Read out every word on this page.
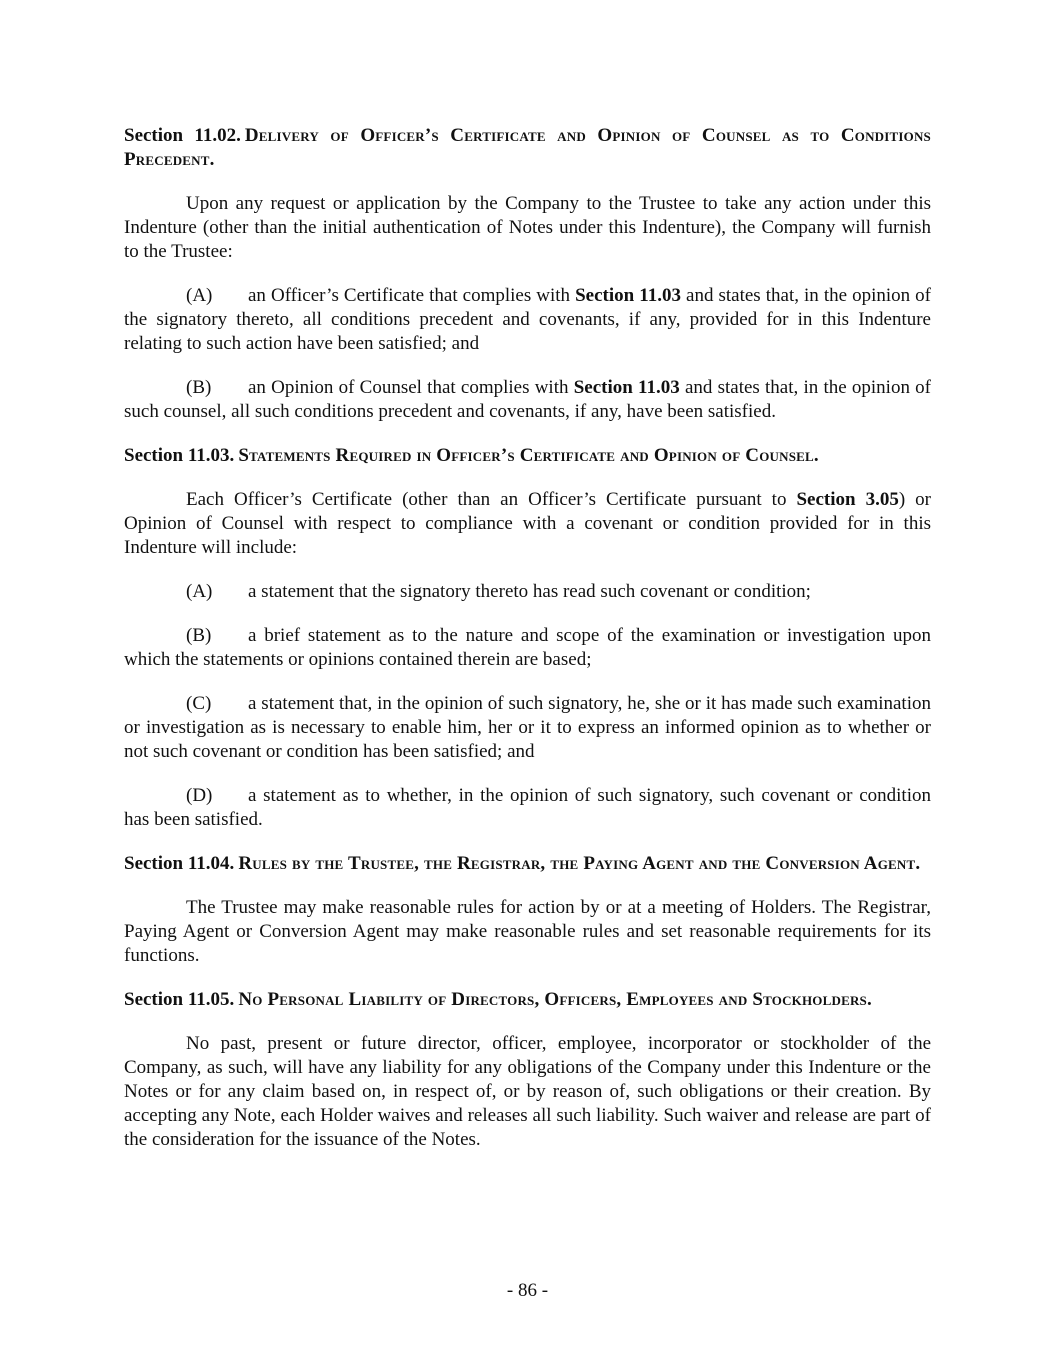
Section 11.02. Delivery of Officer’s Certificate and Opinion of Counsel as to Conditions Precedent.

Upon any request or application by the Company to the Trustee to take any action under this Indenture (other than the initial authentication of Notes under this Indenture), the Company will furnish to the Trustee:

(A) an Officer’s Certificate that complies with Section 11.03 and states that, in the opinion of the signatory thereto, all conditions precedent and covenants, if any, provided for in this Indenture relating to such action have been satisfied; and
(B) an Opinion of Counsel that complies with Section 11.03 and states that, in the opinion of such counsel, all such conditions precedent and covenants, if any, have been satisfied.
Section 11.03. Statements Required in Officer’s Certificate and Opinion of Counsel.

Each Officer’s Certificate (other than an Officer’s Certificate pursuant to Section 3.05) or Opinion of Counsel with respect to compliance with a covenant or condition provided for in this Indenture will include:

(A) a statement that the signatory thereto has read such covenant or condition;
(B) a brief statement as to the nature and scope of the examination or investigation upon which the statements or opinions contained therein are based;
(C) a statement that, in the opinion of such signatory, he, she or it has made such examination or investigation as is necessary to enable him, her or it to express an informed opinion as to whether or not such covenant or condition has been satisfied; and
(D) a statement as to whether, in the opinion of such signatory, such covenant or condition has been satisfied.
Section 11.04. Rules by the Trustee, the Registrar, the Paying Agent and the Conversion Agent.

The Trustee may make reasonable rules for action by or at a meeting of Holders. The Registrar, Paying Agent or Conversion Agent may make reasonable rules and set reasonable requirements for its functions.

Section 11.05. No Personal Liability of Directors, Officers, Employees and Stockholders.

No past, present or future director, officer, employee, incorporator or stockholder of the Company, as such, will have any liability for any obligations of the Company under this Indenture or the Notes or for any claim based on, in respect of, or by reason of, such obligations or their creation. By accepting any Note, each Holder waives and releases all such liability. Such waiver and release are part of the consideration for the issuance of the Notes.

- 86 -
